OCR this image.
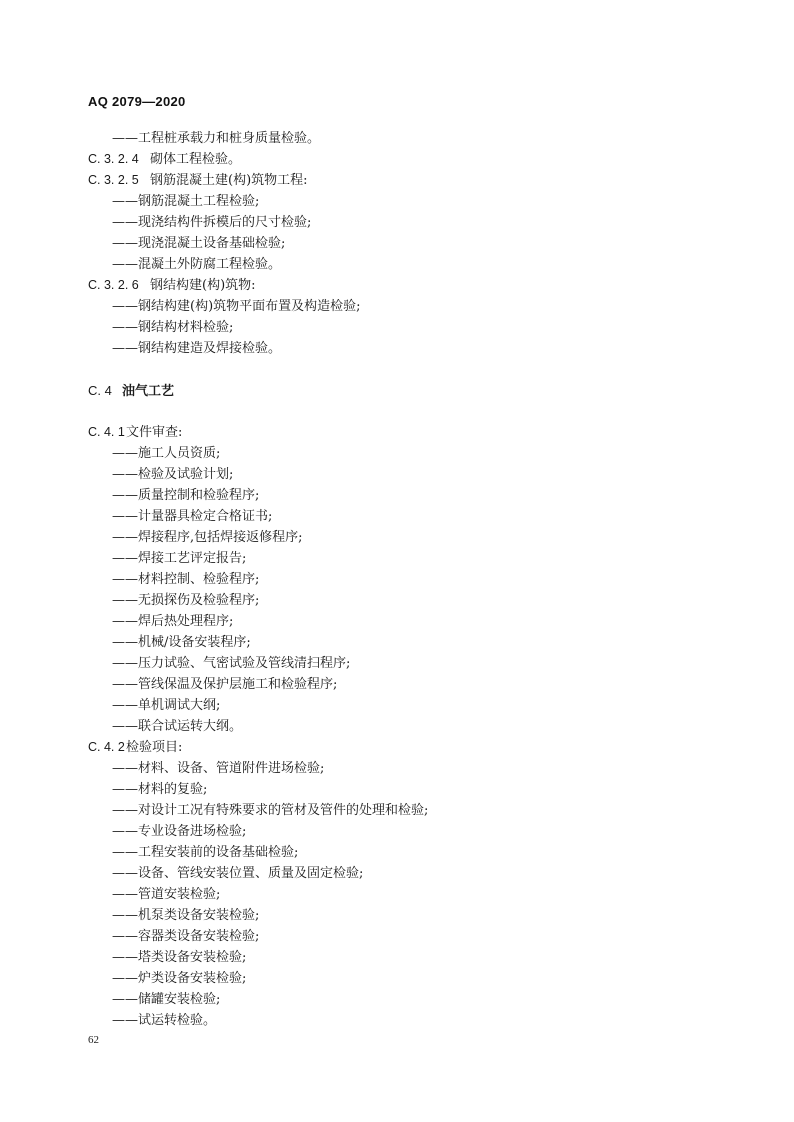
AQ 2079—2020
——工程桩承载力和桩身质量检验。
C. 3. 2. 4 砌体工程检验。
C. 3. 2. 5 钢筋混凝土建(构)筑物工程:
——钢筋混凝土工程检验;
——现浇结构件拆模后的尺寸检验;
——现浇混凝土设备基础检验;
——混凝土外防腐工程检验。
C. 3. 2. 6 钢结构建(构)筑物:
——钢结构建(构)筑物平面布置及构造检验;
——钢结构材料检验;
——钢结构建造及焊接检验。
C. 4 油气工艺
C. 4. 1文件审查:
——施工人员资质;
——检验及试验计划;
——质量控制和检验程序;
——计量器具检定合格证书;
——焊接程序,包括焊接返修程序;
——焊接工艺评定报告;
——材料控制、检验程序;
——无损探伤及检验程序;
——焊后热处理程序;
——机械/设备安装程序;
——压力试验、气密试验及管线清扫程序;
——管线保温及保护层施工和检验程序;
——单机调试大纲;
——联合试运转大纲。
C. 4. 2检验项目:
——材料、设备、管道附件进场检验;
——材料的复验;
——对设计工况有特殊要求的管材及管件的处理和检验;
——专业设备进场检验;
——工程安装前的设备基础检验;
——设备、管线安装位置、质量及固定检验;
——管道安装检验;
——机泵类设备安装检验;
——容器类设备安装检验;
——塔类设备安装检验;
——炉类设备安装检验;
——储罐安装检验;
——试运转检验。
62
